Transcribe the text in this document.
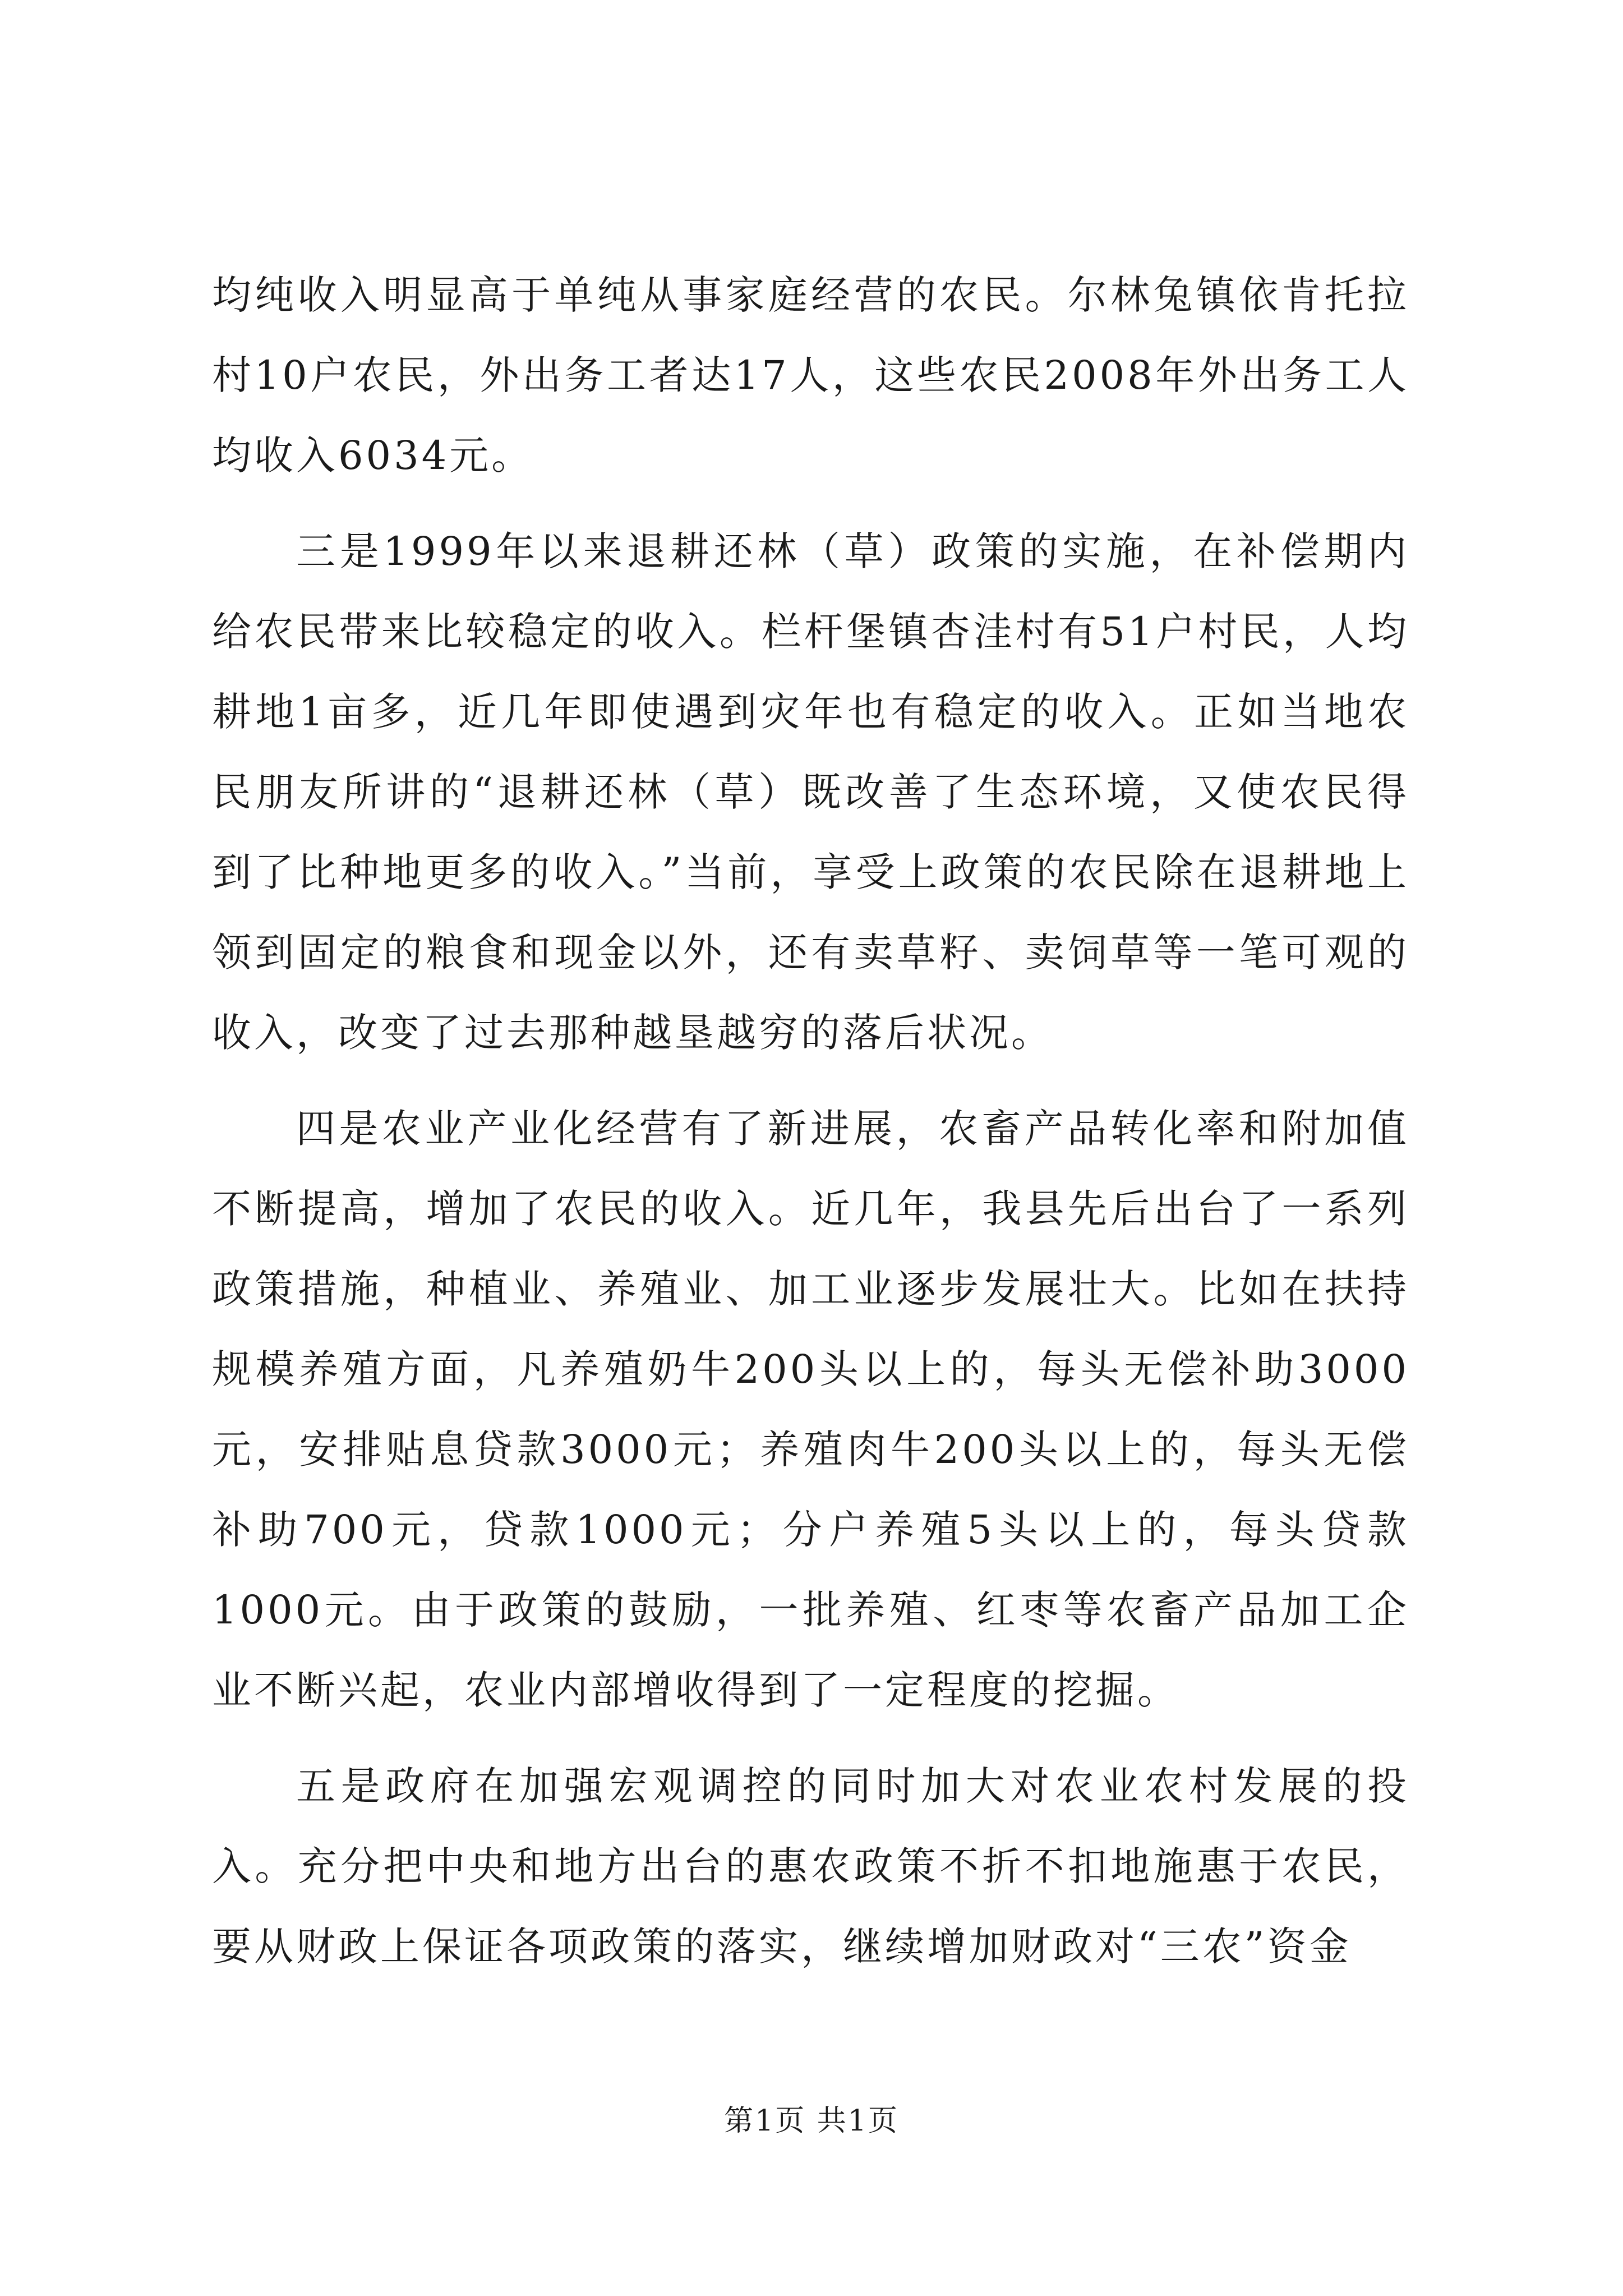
均纯收入明显高于单纯从事家庭经营的农民。尔林兔镇依肯托拉村10户农民，外出务工者达17人，这些农民2008年外出务工人均收入6034元。

三是1999年以来退耕还林（草）政策的实施，在补偿期内给农民带来比较稳定的收入。栏杆堡镇杏洼村有51户村民，人均耕地1亩多，近几年即使遇到灾年也有稳定的收入。正如当地农民朋友所讲的“退耕还林（草）既改善了生态环境，又使农民得到了比种地更多的收入。”当前，享受上政策的农民除在退耕地上领到固定的粮食和现金以外，还有卖草籽、卖饲草等一笔可观的收入，改变了过去那种越垦越穷的落后状况。

四是农业产业化经营有了新进展，农畜产品转化率和附加值不断提高，增加了农民的收入。近几年，我县先后出台了一系列政策措施，种植业、养殖业、加工业逐步发展壮大。比如在扶持规模养殖方面，凡养殖奶牛200头以上的，每头无偿补助3000元，安排贴息贷款3000元；养殖肉牛200头以上的，每头无偿补助700元，贷款1000元；分户养殖5头以上的，每头贷款1000元。由于政策的鼓励，一批养殖、红枣等农畜产品加工企业不断兴起，农业内部增收得到了一定程度的挖掘。

五是政府在加强宏观调控的同时加大对农业农村发展的投入。充分把中央和地方出台的惠农政策不折不扣地施惠于农民，要从财政上保证各项政策的落实，继续增加财政对“三农”资金

第1页 共1页
